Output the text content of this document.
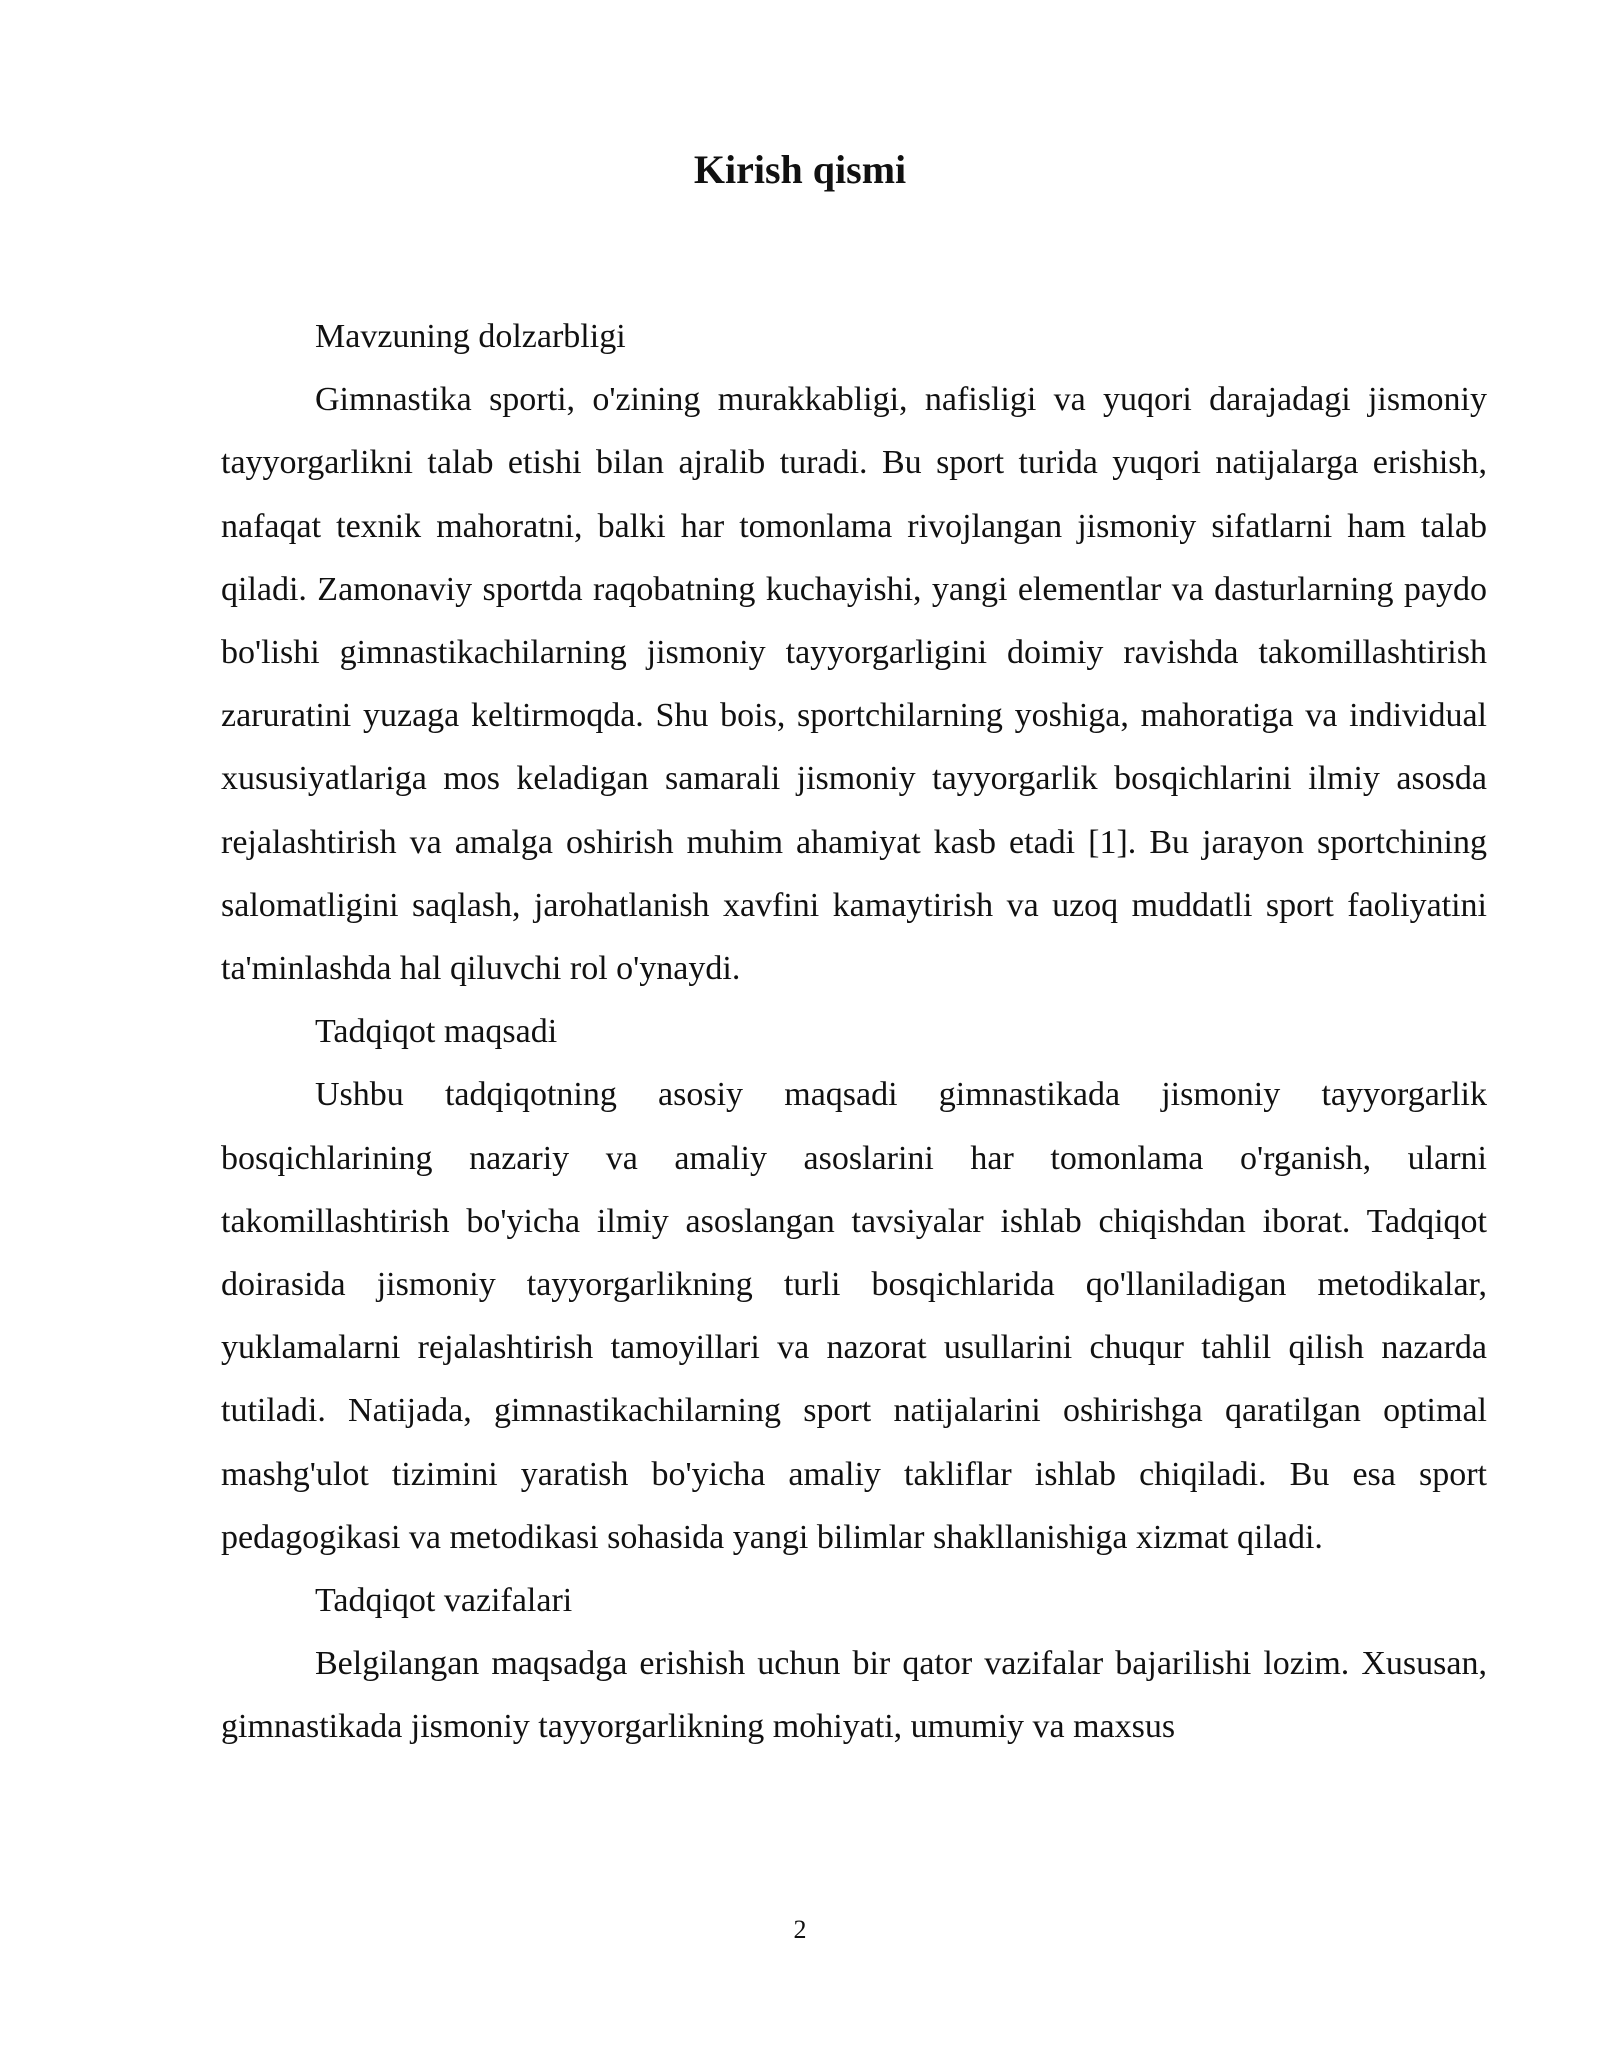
Kirish qismi

Mavzuning dolzarbligi

Gimnastika sporti, o'zining murakkabligi, nafisligi va yuqori darajadagi jismoniy tayyorgarlikni talab etishi bilan ajralib turadi. Bu sport turida yuqori natijalarga erishish, nafaqat texnik mahoratni, balki har tomonlama rivojlangan jismoniy sifatlarni ham talab qiladi. Zamonaviy sportda raqobatning kuchayishi, yangi elementlar va dasturlarning paydo bo'lishi gimnastikachilarning jismoniy tayyorgarligini doimiy ravishda takomillashtirish zaruratini yuzaga keltirmoqda. Shu bois, sportchilarning yoshiga, mahoratiga va individual xususiyatlariga mos keladigan samarali jismoniy tayyorgarlik bosqichlarini ilmiy asosda rejalashtirish va amalga oshirish muhim ahamiyat kasb etadi [1]. Bu jarayon sportchining salomatligini saqlash, jarohatlanish xavfini kamaytirish va uzoq muddatli sport faoliyatini ta'minlashda hal qiluvchi rol o'ynaydi.

Tadqiqot maqsadi

Ushbu tadqiqotning asosiy maqsadi gimnastikada jismoniy tayyorgarlik bosqichlarining nazariy va amaliy asoslarini har tomonlama o'rganish, ularni takomillashtirish bo'yicha ilmiy asoslangan tavsiyalar ishlab chiqishdan iborat. Tadqiqot doirasida jismoniy tayyorgarlikning turli bosqichlarida qo'llaniladigan metodikalar, yuklamalarni rejalashtirish tamoyillari va nazorat usullarini chuqur tahlil qilish nazarda tutiladi. Natijada, gimnastikachilarning sport natijalarini oshirishga qaratilgan optimal mashg'ulot tizimini yaratish bo'yicha amaliy takliflar ishlab chiqiladi. Bu esa sport pedagogikasi va metodikasi sohasida yangi bilimlar shakllanishiga xizmat qiladi.

Tadqiqot vazifalari

Belgilangan maqsadga erishish uchun bir qator vazifalar bajarilishi lozim. Xususan, gimnastikada jismoniy tayyorgarlikning mohiyati, umumiy va maxsus

2
